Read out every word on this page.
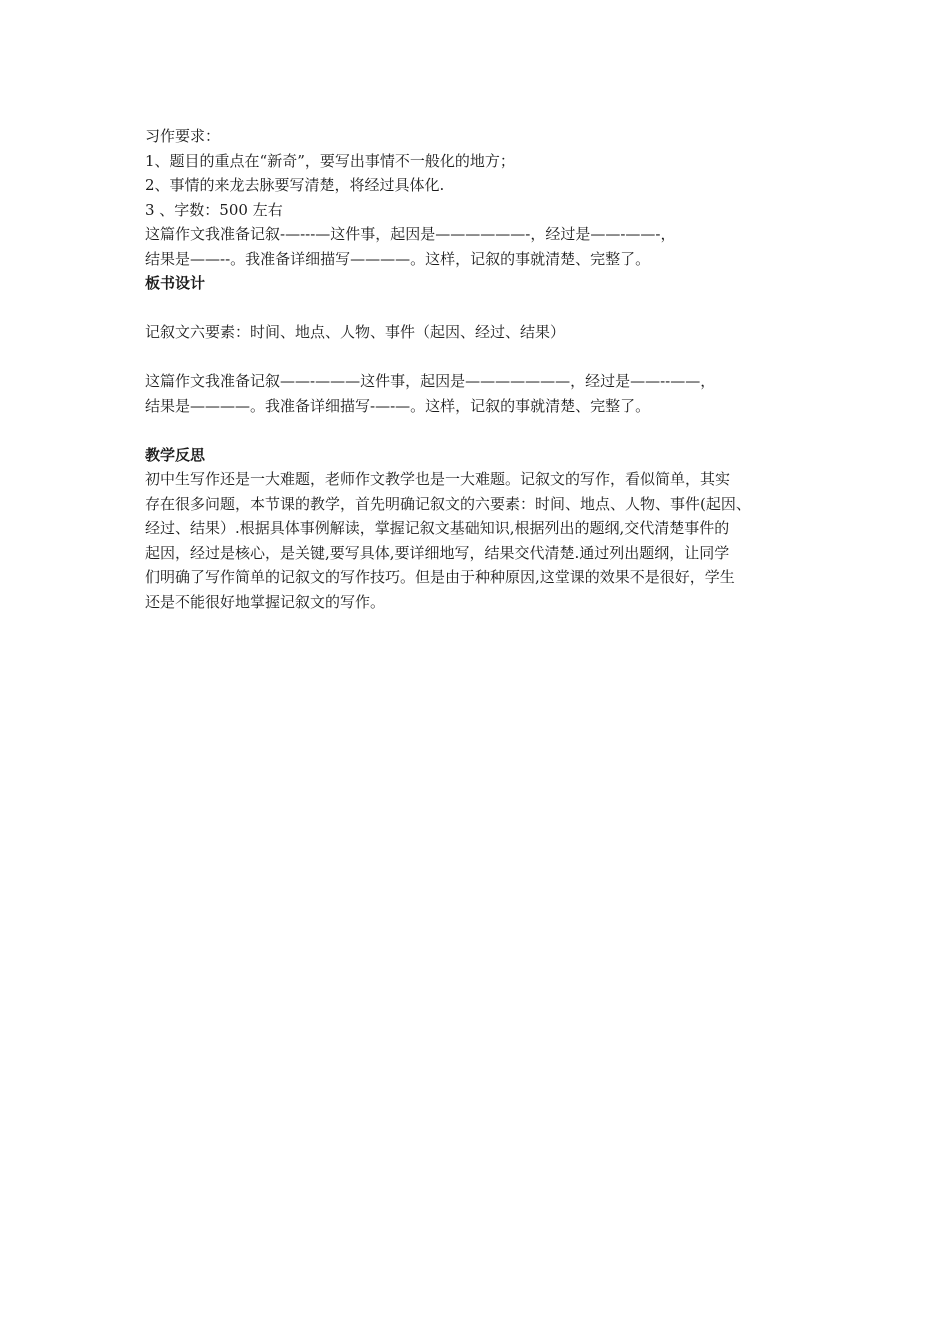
习作要求：
1、题目的重点在“新奇”，要写出事情不一般化的地方；
2、事情的来龙去脉要写清楚，将经过具体化.
3 、字数：500 左右
这篇作文我准备记叙-—---—这件事，起因是——————-，经过是——-——-，
结果是——--。我准备详细描写————。这样，记叙的事就清楚、完整了。
板书设计
记叙文六要素：时间、地点、人物、事件（起因、经过、结果）
这篇作文我准备记叙——-———这件事，起因是———————，经过是——--——，
结果是————。我准备详细描写-—-—。这样，记叙的事就清楚、完整了。
教学反思
初中生写作还是一大难题，老师作文教学也是一大难题。记叙文的写作，看似简单，其实
存在很多问题，本节课的教学，首先明确记叙文的六要素：时间、地点、人物、事件(起因、
经过、结果）.根据具体事例解读，掌握记叙文基础知识,根据列出的题纲,交代清楚事件的
起因，经过是核心，是关键,要写具体,要详细地写，结果交代清楚.通过列出题纲，让同学
们明确了写作简单的记叙文的写作技巧。但是由于种种原因,这堂课的效果不是很好，学生
还是不能很好地掌握记叙文的写作。
